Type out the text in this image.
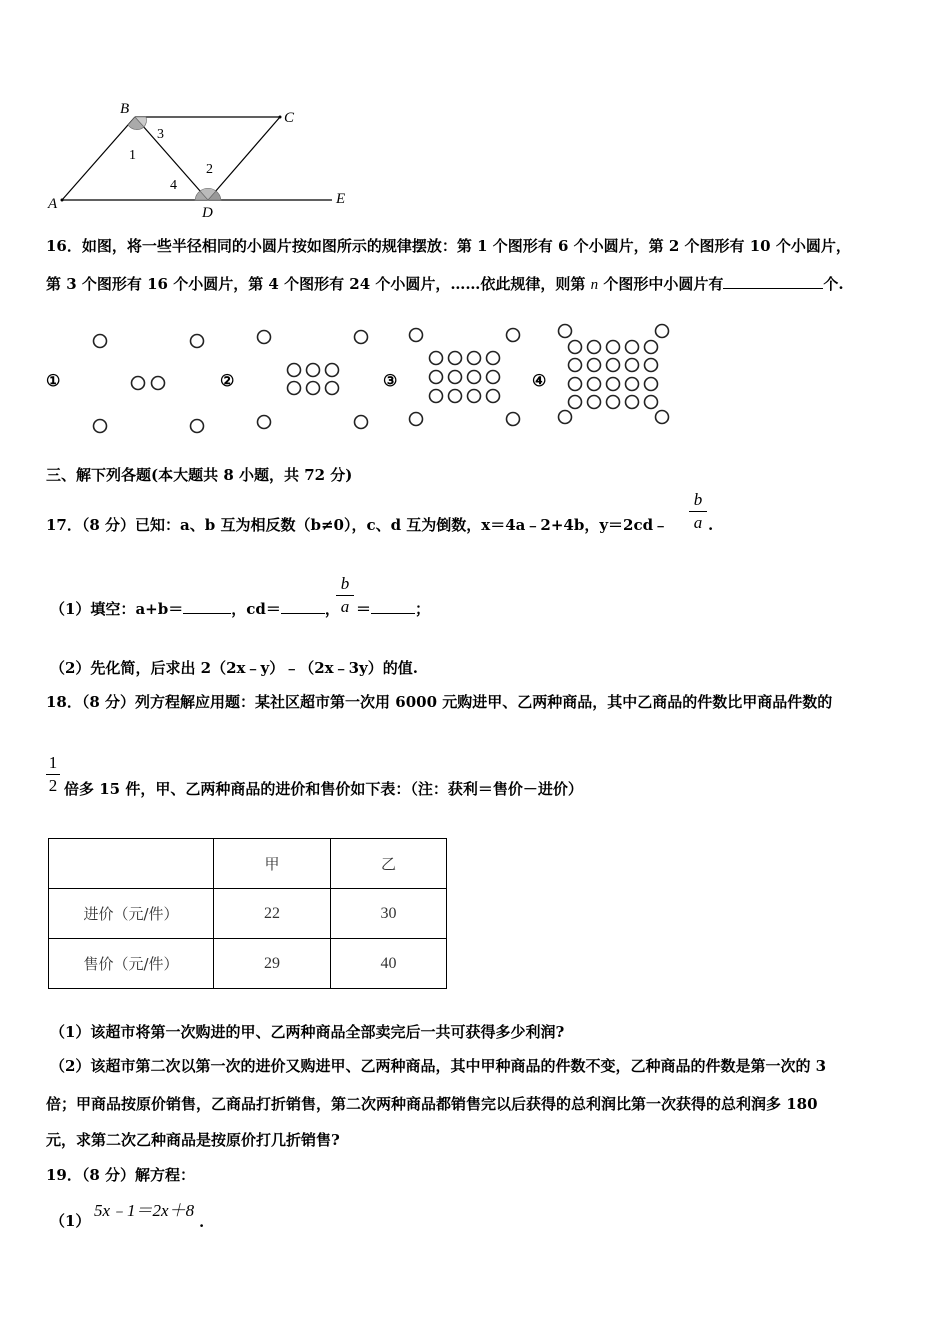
B
C
A
D
E
1
2
3
4
16．如图，将一些半径相同的小圆片按如图所示的规律摆放：第 1 个图形有 6 个小圆片，第 2 个图形有 10 个小圆片，
第 3 个图形有 16 个小圆片，第 4 个图形有 24 个小圆片，……依此规律，则第 n 个图形中小圆片有	个.
①	②	③	④
三、解下列各题(本大题共 8 小题，共 72 分)
17．（8 分）已知：a、b 互为相反数（b≠0），c、d 互为倒数，x＝4a﹣2+4b，y＝2cd﹣
b
a .
（1）填空：a+b＝	，cd＝	，
b
a ＝	；
（2）先化简，后求出 2（2x﹣y）﹣（2x﹣3y）的值.
18．（8 分）列方程解应用题：某社区超市第一次用 6000 元购进甲、乙两种商品，其中乙商品的件数比甲商品件数的
1
2 倍多 15 件，甲、乙两种商品的进价和售价如下表：（注：获利＝售价－进价）
	甲	乙
进价（元/件）	22	30
售价（元/件）	29	40
（1）该超市将第一次购进的甲、乙两种商品全部卖完后一共可获得多少利润?
（2）该超市第二次以第一次的进价又购进甲、乙两种商品，其中甲种商品的件数不变，乙种商品的件数是第一次的 3
倍；甲商品按原价销售，乙商品打折销售，第二次两种商品都销售完以后获得的总利润比第一次获得的总利润多 180
元，求第二次乙种商品是按原价打几折销售?
19．（8 分）解方程：
（1）
5x﹣1＝2x＋8
.
